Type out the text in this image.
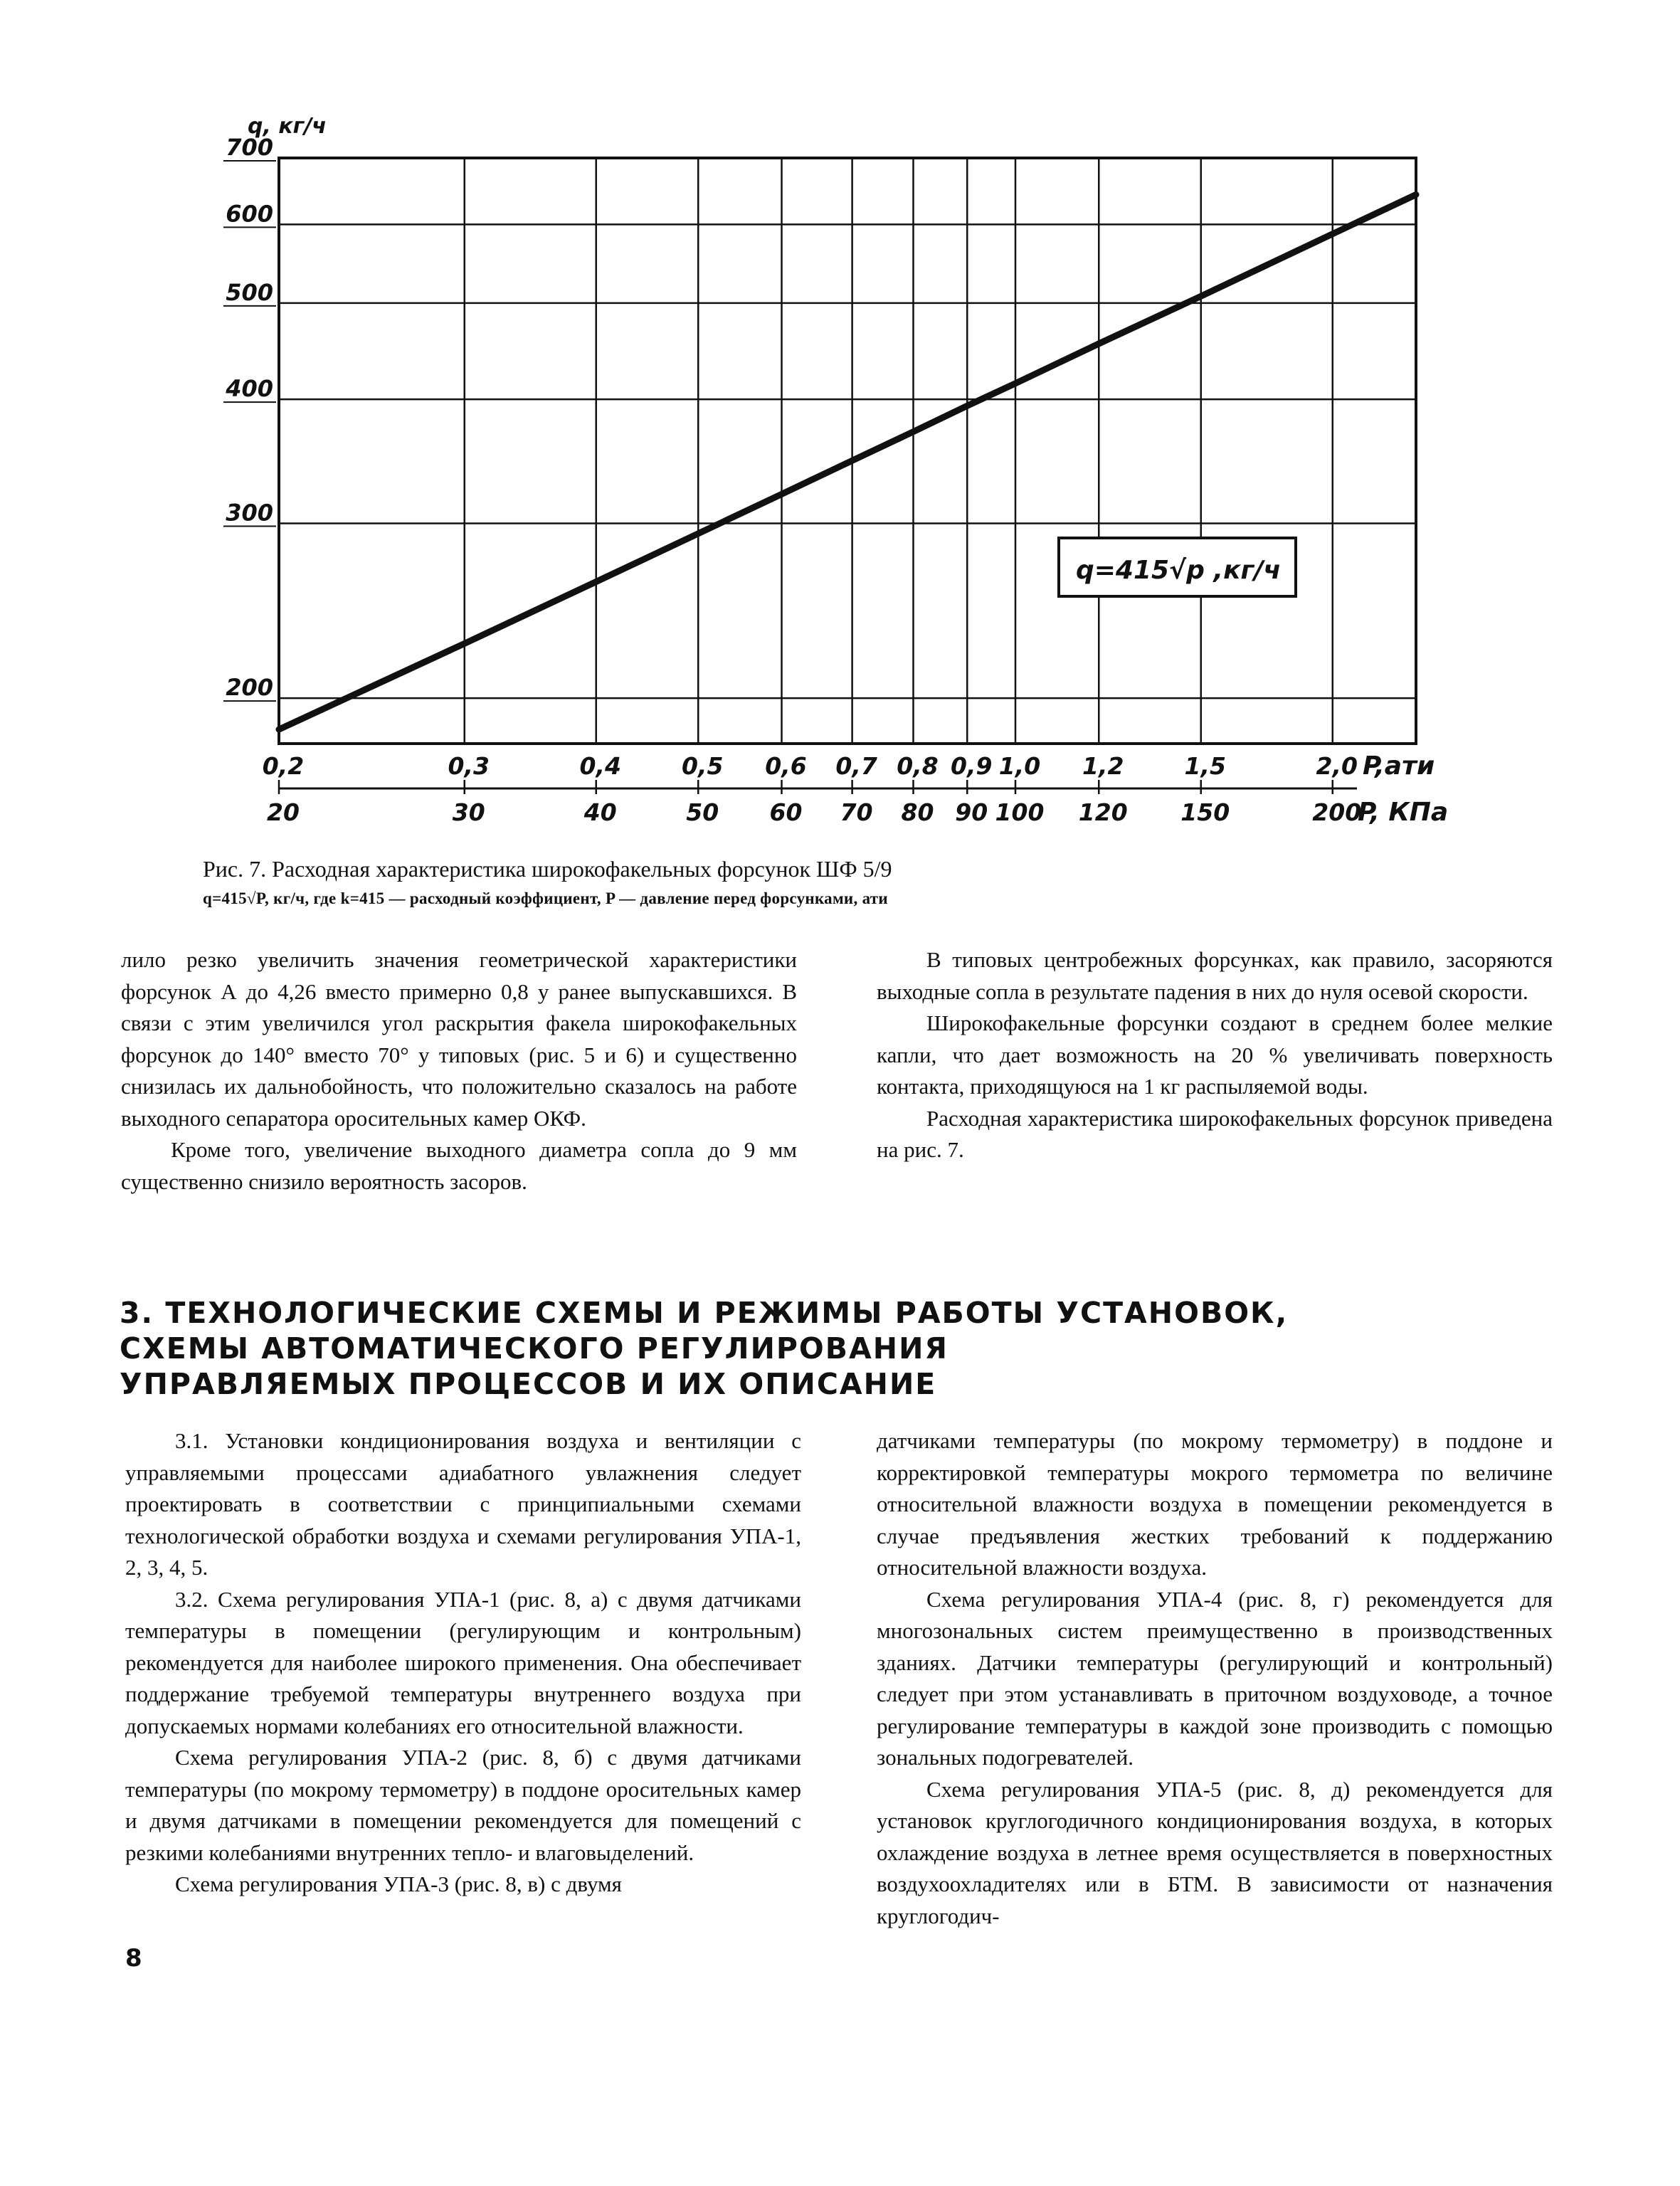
200
300
400
500
600
700
q, кг/ч
0,2	0,3	0,4	0,5 0,6 0,7 0,8 0,9 1,0 1,2	1,5	2,0
20	30	40	50 60 70 80 90 100 120 150	200
P,ати
P, КПа
q=415√p ,кг/ч
Рис. 7. Расходная характеристика широкофакельных форсунок ШФ 5/9
q=415√P, кг/ч, где k=415 — расходный коэффициент, P — давление перед форсунками, ати

лило резко увеличить значения геометрической характеристики форсунок А до 4,26 вместо примерно 0,8 у ранее выпускавшихся. В связи с этим увеличился угол раскрытия факела широкофакельных форсунок до 140° вместо 70° у типовых (рис. 5 и 6) и существенно снизилась их дальнобойность, что положительно сказалось на работе выходного сепаратора оросительных камер ОКФ.

Кроме того, увеличение выходного диаметра сопла до 9 мм существенно снизило вероятность засоров.

В типовых центробежных форсунках, как правило, засоряются выходные сопла в результате падения в них до нуля осевой скорости.

Широкофакельные форсунки создают в среднем более мелкие капли, что дает возможность на 20 % увеличивать поверхность контакта, приходящуюся на 1 кг распыляемой воды.

Расходная характеристика широкофакельных форсунок приведена на рис. 7.

3. ТЕХНОЛОГИЧЕСКИЕ СХЕМЫ И РЕЖИМЫ РАБОТЫ УСТАНОВОК,
СХЕМЫ АВТОМАТИЧЕСКОГО РЕГУЛИРОВАНИЯ
УПРАВЛЯЕМЫХ ПРОЦЕССОВ И ИХ ОПИСАНИЕ

3.1. Установки кондиционирования воздуха и вентиляции с управляемыми процессами адиабатного увлажнения следует проектировать в соответствии с принципиальными схемами технологической обработки воздуха и схемами регулирования УПА-1, 2, 3, 4, 5.

3.2. Схема регулирования УПА-1 (рис. 8, а) с двумя датчиками температуры в помещении (регулирующим и контрольным) рекомендуется для наиболее широкого применения. Она обеспечивает поддержание требуемой температуры внутреннего воздуха при допускаемых нормами колебаниях его относительной влажности.

Схема регулирования УПА-2 (рис. 8, б) с двумя датчиками температуры (по мокрому термометру) в поддоне оросительных камер и двумя датчиками в помещении рекомендуется для помещений с резкими колебаниями внутренних тепло- и влаговыделений.

Схема регулирования УПА-3 (рис. 8, в) с двумя

датчиками температуры (по мокрому термометру) в поддоне и корректировкой температуры мокрого термометра по величине относительной влажности воздуха в помещении рекомендуется в случае предъявления жестких требований к поддержанию относительной влажности воздуха.

Схема регулирования УПА-4 (рис. 8, г) рекомендуется для многозональных систем преимущественно в производственных зданиях. Датчики температуры (регулирующий и контрольный) следует при этом устанавливать в приточном воздуховоде, а точное регулирование температуры в каждой зоне производить с помощью зональных подогревателей.

Схема регулирования УПА-5 (рис. 8, д) рекомендуется для установок круглогодичного кондиционирования воздуха, в которых охлаждение воздуха в летнее время осуществляется в поверхностных воздухоохладителях или в БТМ. В зависимости от назначения круглогодич-

8
